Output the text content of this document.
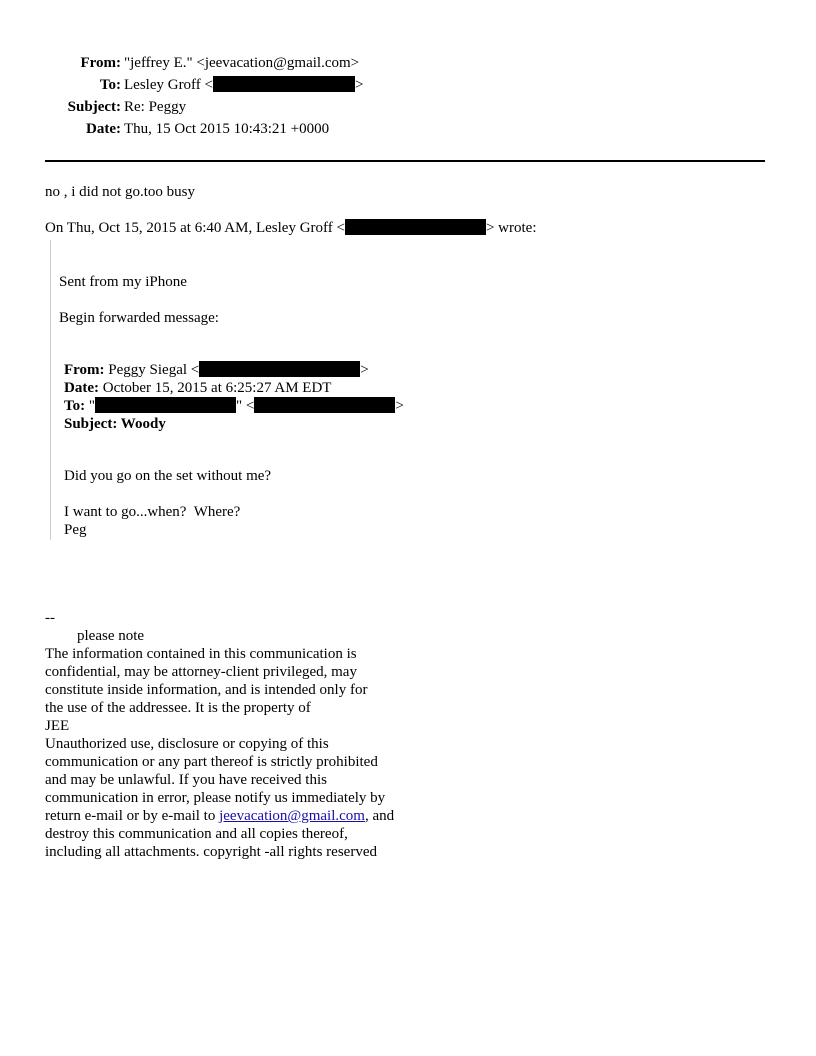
From: "jeffrey E." <jeevacation@gmail.com>
To: Lesley Groff <	>
Subject: Re: Peggy
Date: Thu, 15 Oct 2015 10:43:21 +0000
no , i did not go.too busy
On Thu, Oct 15, 2015 at 6:40 AM, Lesley Groff <	> wrote:
Sent from my iPhone
Begin forwarded message:
From: Peggy Siegal <	>
Date: October 15, 2015 at 6:25:27 AM EDT
To: "	" <	>
Subject: Woody
Did you go on the set without me?
I want to go...when?  Where?
Peg
--
please note
The information contained in this communication is
confidential, may be attorney-client privileged, may
constitute inside information, and is intended only for
the use of the addressee. It is the property of
JEE
Unauthorized use, disclosure or copying of this
communication or any part thereof is strictly prohibited
and may be unlawful. If you have received this
communication in error, please notify us immediately by
return e-mail or by e-mail to jeevacation@gmail.com, and
destroy this communication and all copies thereof,
including all attachments. copyright -all rights reserved
